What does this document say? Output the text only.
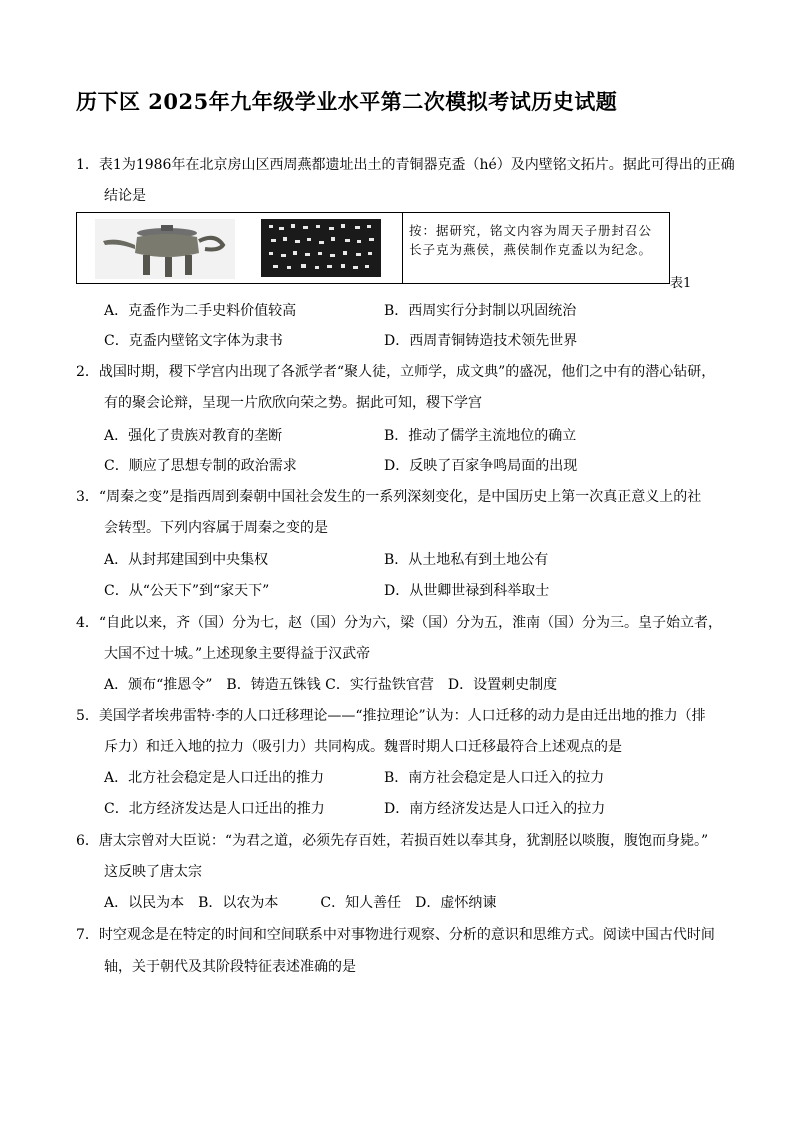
历下区 2025年九年级学业水平第二次模拟考试历史试题
1．表1为1986年在北京房山区西周燕都遗址出土的青铜器克盉（hé）及内壁铭文拓片。据此可得出的正确
结论是
按：据研究，铭文内容为周天子册封召公长子克为燕侯，燕侯制作克盉以为纪念。
表1
A．克盉作为二手史料价值较高	B．西周实行分封制以巩固统治
C．克盉内壁铭文字体为隶书	D．西周青铜铸造技术领先世界
2．战国时期，稷下学宫内出现了各派学者“聚人徒，立师学，成文典”的盛况，他们之中有的潜心钻研，
有的聚会论辩，呈现一片欣欣向荣之势。据此可知，稷下学宫
A．强化了贵族对教育的垄断	B．推动了儒学主流地位的确立
C．顺应了思想专制的政治需求	D．反映了百家争鸣局面的出现
3．“周秦之变”是指西周到秦朝中国社会发生的一系列深刻变化，是中国历史上第一次真正意义上的社
会转型。下列内容属于周秦之变的是
A．从封邦建国到中央集权	B．从土地私有到土地公有
C．从“公天下”到“家天下”	D．从世卿世禄到科举取士
4．“自此以来，齐（国）分为七，赵（国）分为六，梁（国）分为五，淮南（国）分为三。皇子始立者，
大国不过十城。”上述现象主要得益于汉武帝
A．颁布“推恩令”　B．铸造五铢钱 C．实行盐铁官营　D．设置刺史制度
5．美国学者埃弗雷特·李的人口迁移理论——“推拉理论”认为：人口迁移的动力是由迁出地的推力（排
斥力）和迁入地的拉力（吸引力）共同构成。魏晋时期人口迁移最符合上述观点的是
A．北方社会稳定是人口迁出的推力	B．南方社会稳定是人口迁入的拉力
C．北方经济发达是人口迁出的推力	D．南方经济发达是人口迁入的拉力
6．唐太宗曾对大臣说：“为君之道，必须先存百姓，若损百姓以奉其身，犹割胫以啖腹，腹饱而身毙。”
这反映了唐太宗
A．以民为本　B．以农为本　　　C．知人善任　D．虚怀纳谏
7．时空观念是在特定的时间和空间联系中对事物进行观察、分析的意识和思维方式。阅读中国古代时间
轴，关于朝代及其阶段特征表述准确的是
